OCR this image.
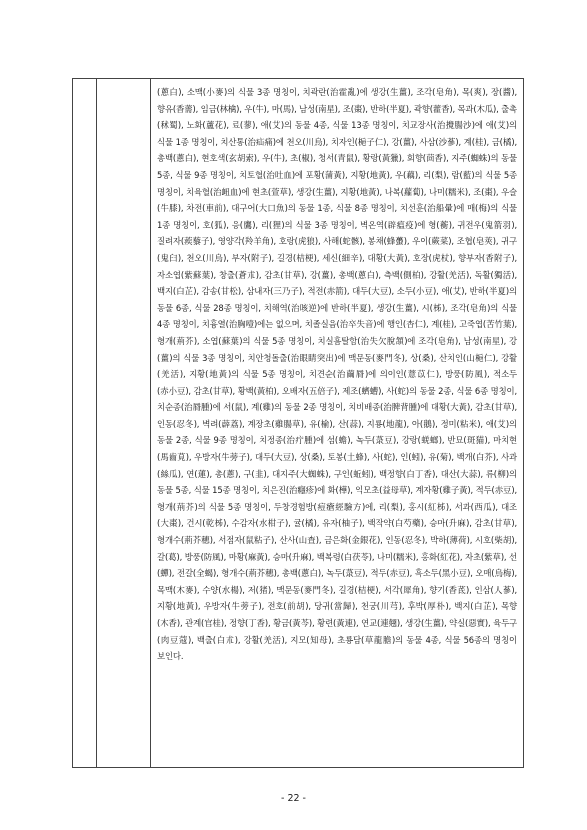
(蔥白), 소맥(小麥)의 식물 3종 명칭이, 치곽란(治霍亂)에 생강(生薑), 조각(皂角), 목(爽), 장(醬), 향유(香薷), 임금(林檎), 우(牛), 마(馬), 남성(南星), 조(棗), 반하(半夏), 곽향(藿香), 목과(木瓜), 출촉(秫蜀), 노화(蘆花), 료(蓼), 애(艾)의 동물 4종, 식물 13종 명칭이, 치교장사(治攪腸沙)에 애(艾)의 식물 1종 명칭이, 치산통(治疝痛)에 천오(川烏), 치자인(梔子仁), 강(薑), 사삼(沙蔘), 계(桂), 금(橘), 총백(蔥白), 현호색(玄胡索), 우(牛), 초(椒), 청서(青鼠), 황랑(黃獵), 회향(茴香), 지주(蜘蛛)의 동물 5종, 식물 9종 명칭이, 치토혈(治吐血)에 포황(蒲黃), 지황(地黃), 우(藕), 리(梨), 람(藍)의 식물 5종 명칭이, 치육혈(治衄血)에 현초(萱草), 생강(生薑), 지황(地黃), 나복(蘿蔔), 나미(糯米), 조(棗), 우슬(牛膝), 차전(車前), 대구어(大口魚)의 동물 1종, 식물 8종 명칭이, 치선훈(治船暈)에 매(梅)의 식물 1종 명칭이, 호(狐), 응(鷹), 리(狸)의 식물 3종 명칭이, 벽온역(辟瘟疫)에 형(蘅), 귀전우(鬼箭羽), 질려자(蒺藜子), 영양각(羚羊角), 호랑(虎狼), 사해(蛇骸), 봉채(蜂蠆), 우이(蕨菜), 조협(皂莢), 귀구(鬼臼), 천오(川烏), 부자(附子), 길경(桔梗), 세신(細辛), 대황(大黃), 호장(虎杖), 향부자(香附子), 자소엽(紫蘇葉), 창출(蒼朮), 감초(甘草), 강(薑), 총백(蔥白), 측백(側柏), 강활(羌活), 독활(獨活), 백지(白芷), 감송(甘松), 삼내자(三乃子), 적전(赤箭), 대두(大豆), 소두(小豆), 애(艾), 반하(半夏)의 동물 6종, 식물 28종 명칭이, 치해역(治咳逆)에 반하(半夏), 생강(生薑), 시(柹), 조각(皂角)의 식물 4종 명칭이, 치흉열(治胸噎)에는 없으며, 치졸실음(治卒失音)에 행인(杏仁), 계(桂), 고죽엽(苦竹葉), 형개(荊芥), 소엽(蘇葉)의 식물 5종 명칭이, 치실흠탈함(治失欠脫頷)에 조각(皂角), 남성(南星), 강(薑)의 식물 3종 명칭이, 치안청돌출(治眼睛突出)에 맥문동(麥門冬), 상(桑), 산치인(山梔仁), 강활(羌活), 지황(地黃)의 식물 5종 명칭이, 치견순(治繭脣)에 의이인(薏苡仁), 방풍(防風), 적소두(赤小豆), 감초(甘草), 황백(黃柏), 오배자(五倍子), 제조(蠐螬), 사(蛇)의 동물 2종, 식물 6종 명칭이, 치순종(治脣腫)에 서(鼠), 계(雞)의 동물 2종 명칭이, 치비배종(治脾背腫)에 대황(大黃), 감초(甘草), 인동(忍冬), 벽려(薜荔), 계장초(雞腸草), 유(榆), 산(蒜), 지룡(地龍), 아(鵝), 정미(粘米), 애(艾)의 동물 2종, 식물 9종 명칭이, 치정종(治疔腫)에 섬(蟾), 녹두(菉豆), 강랑(蜣螂), 반묘(斑猫), 마치현(馬齒莧), 우방자(牛蒡子), 대두(大豆), 상(桑), 토봉(土蜂), 사(蛇), 인(蚓), 유(菊), 백개(白芥), 사과(絲瓜), 연(蓮), 총(蔥), 구(韭), 대지주(大蜘蛛), 구인(蚯蚓), 백정향(白丁香), 대산(大蒜), 류(柳)의 동물 5종, 식물 15종 명칭이, 치은진(治癮疹)에 화(樺), 익모초(益母草), 계자황(雞子黃), 적두(赤豆), 형개(荊芥)의 식물 5종 명칭이, 두창경험방(痘瘡經驗方)에, 리(梨), 홍시(紅柹), 서과(西瓜), 대조(大棗), 건시(乾柹), 수감자(水柑子), 귤(橘), 유자(柚子), 백작약(白芍藥), 승마(升麻), 감초(甘草), 형개수(荊芥穗), 서점자(鼠粘子), 산사(山査), 금은화(金銀花), 인동(忍冬), 박하(薄荷), 시호(柴胡), 갈(葛), 방풍(防風), 마황(麻黃), 승마(升麻), 백복령(白茯苓), 나미(糯米), 홍화(紅花), 자초(紫草), 선(蟬), 전갈(全蝎), 형개수(荊芥穗), 총백(蔥白), 녹두(菉豆), 적두(赤豆), 흑소두(黑小豆), 오매(烏梅), 목맥(木麥), 수양(水楊), 저(猪), 맥문동(麥門冬), 길경(桔梗), 서각(犀角), 향기(香茋), 인삼(人蔘), 지황(地黃), 우방자(牛蒡子), 전호(前胡), 당귀(當歸), 천궁(川芎), 후박(厚朴), 백지(白芷), 목향(木香), 관계(官桂), 정향(丁香), 황금(黃芩), 황련(黃連), 연교(連翹), 생강(生薑), 약실(惡實), 육두구(肉豆蔻), 백출(白朮), 강활(羌活), 지모(知母), 초룡담(草龍膽)의 동물 4종, 식물 56종의 명칭이 보인다.

- 22 -
